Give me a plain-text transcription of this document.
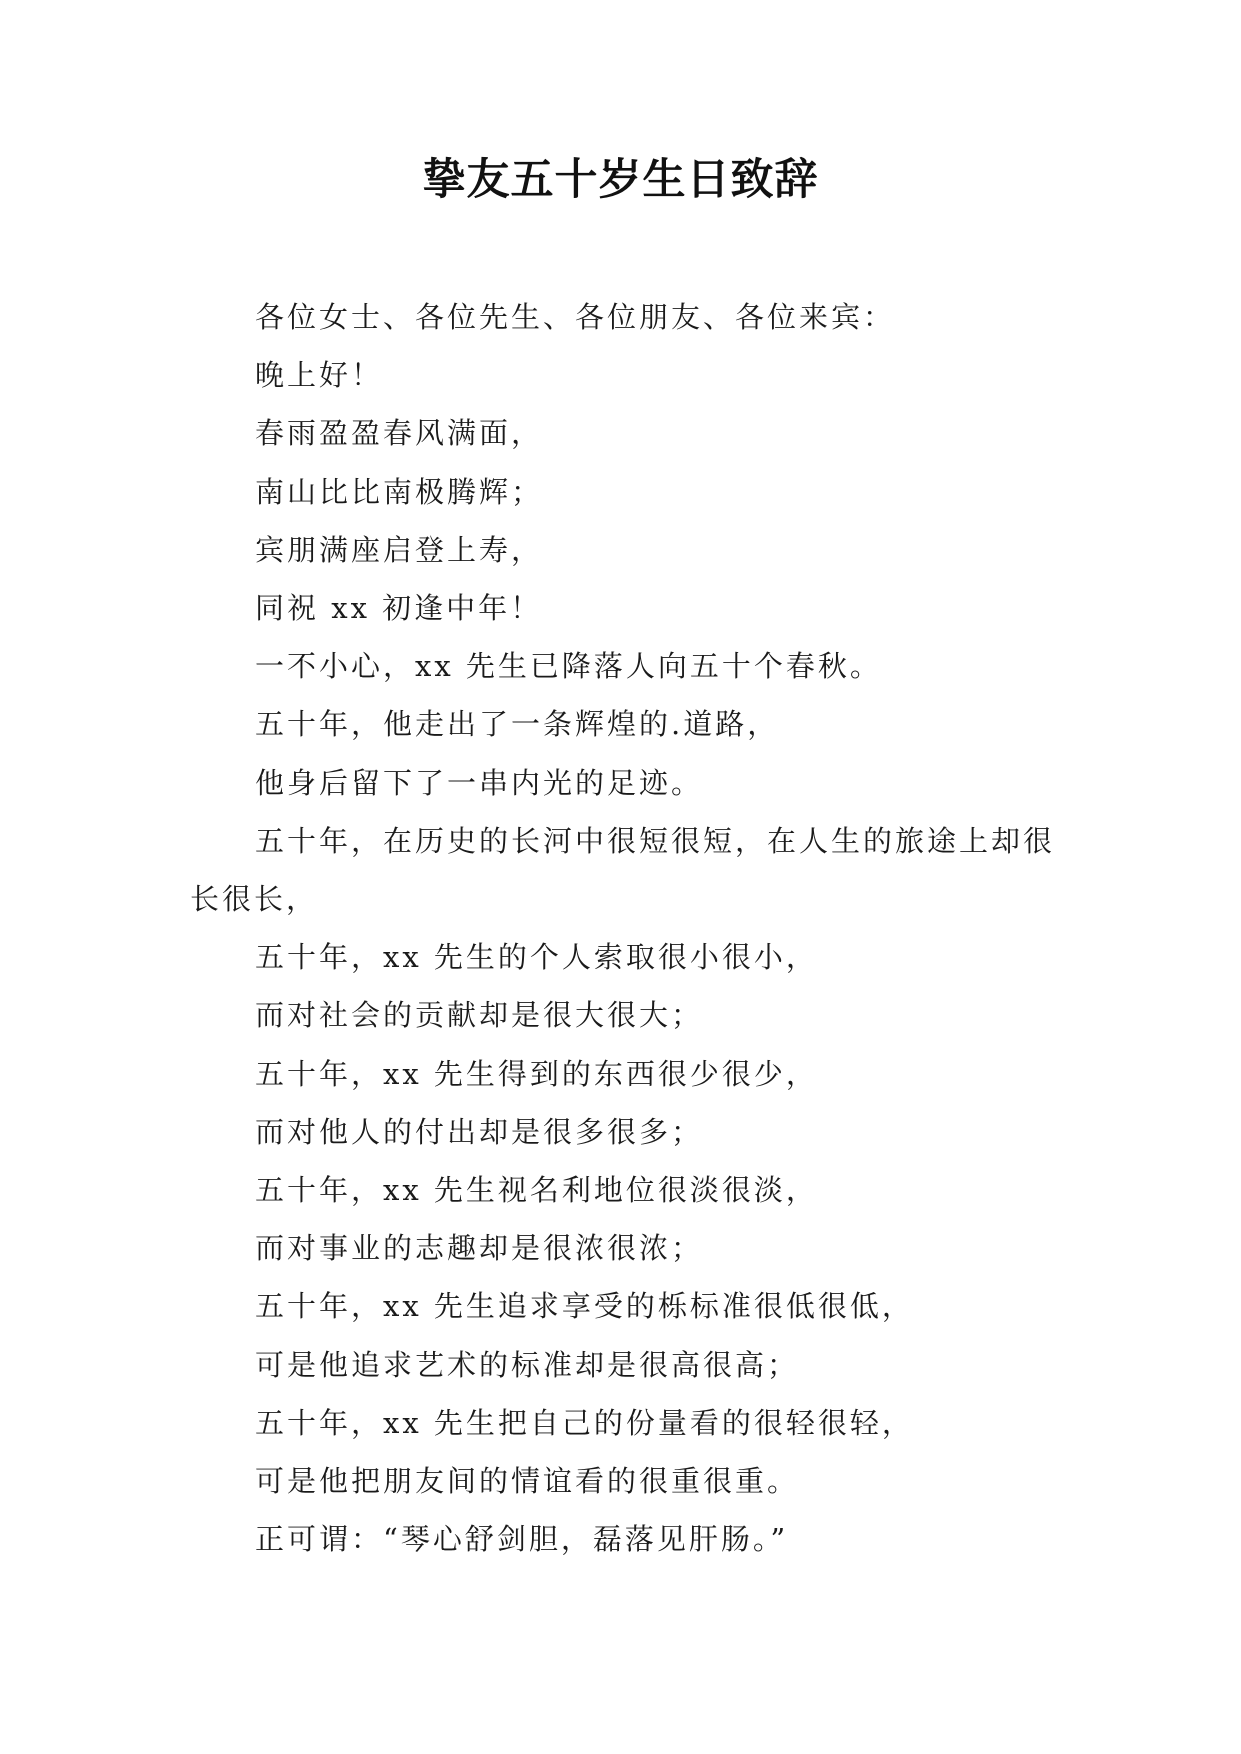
挚友五十岁生日致辞

各位女士、各位先生、各位朋友、各位来宾：

晚上好！

春雨盈盈春风满面，

南山比比南极腾辉；

宾朋满座启登上寿，

同祝 xx 初逢中年！

一不小心，xx 先生已降落人向五十个春秋。

五十年，他走出了一条辉煌的.道路，

他身后留下了一串内光的足迹。

五十年，在历史的长河中很短很短，在人生的旅途上却很长很长，

五十年，xx 先生的个人索取很小很小，

而对社会的贡献却是很大很大；

五十年，xx 先生得到的东西很少很少，

而对他人的付出却是很多很多；

五十年，xx 先生视名利地位很淡很淡，

而对事业的志趣却是很浓很浓；

五十年，xx 先生追求享受的栎标准很低很低，

可是他追求艺术的标准却是很高很高；

五十年，xx 先生把自己的份量看的很轻很轻，

可是他把朋友间的情谊看的很重很重。

正可谓：“琴心舒剑胆，磊落见肝肠。”
